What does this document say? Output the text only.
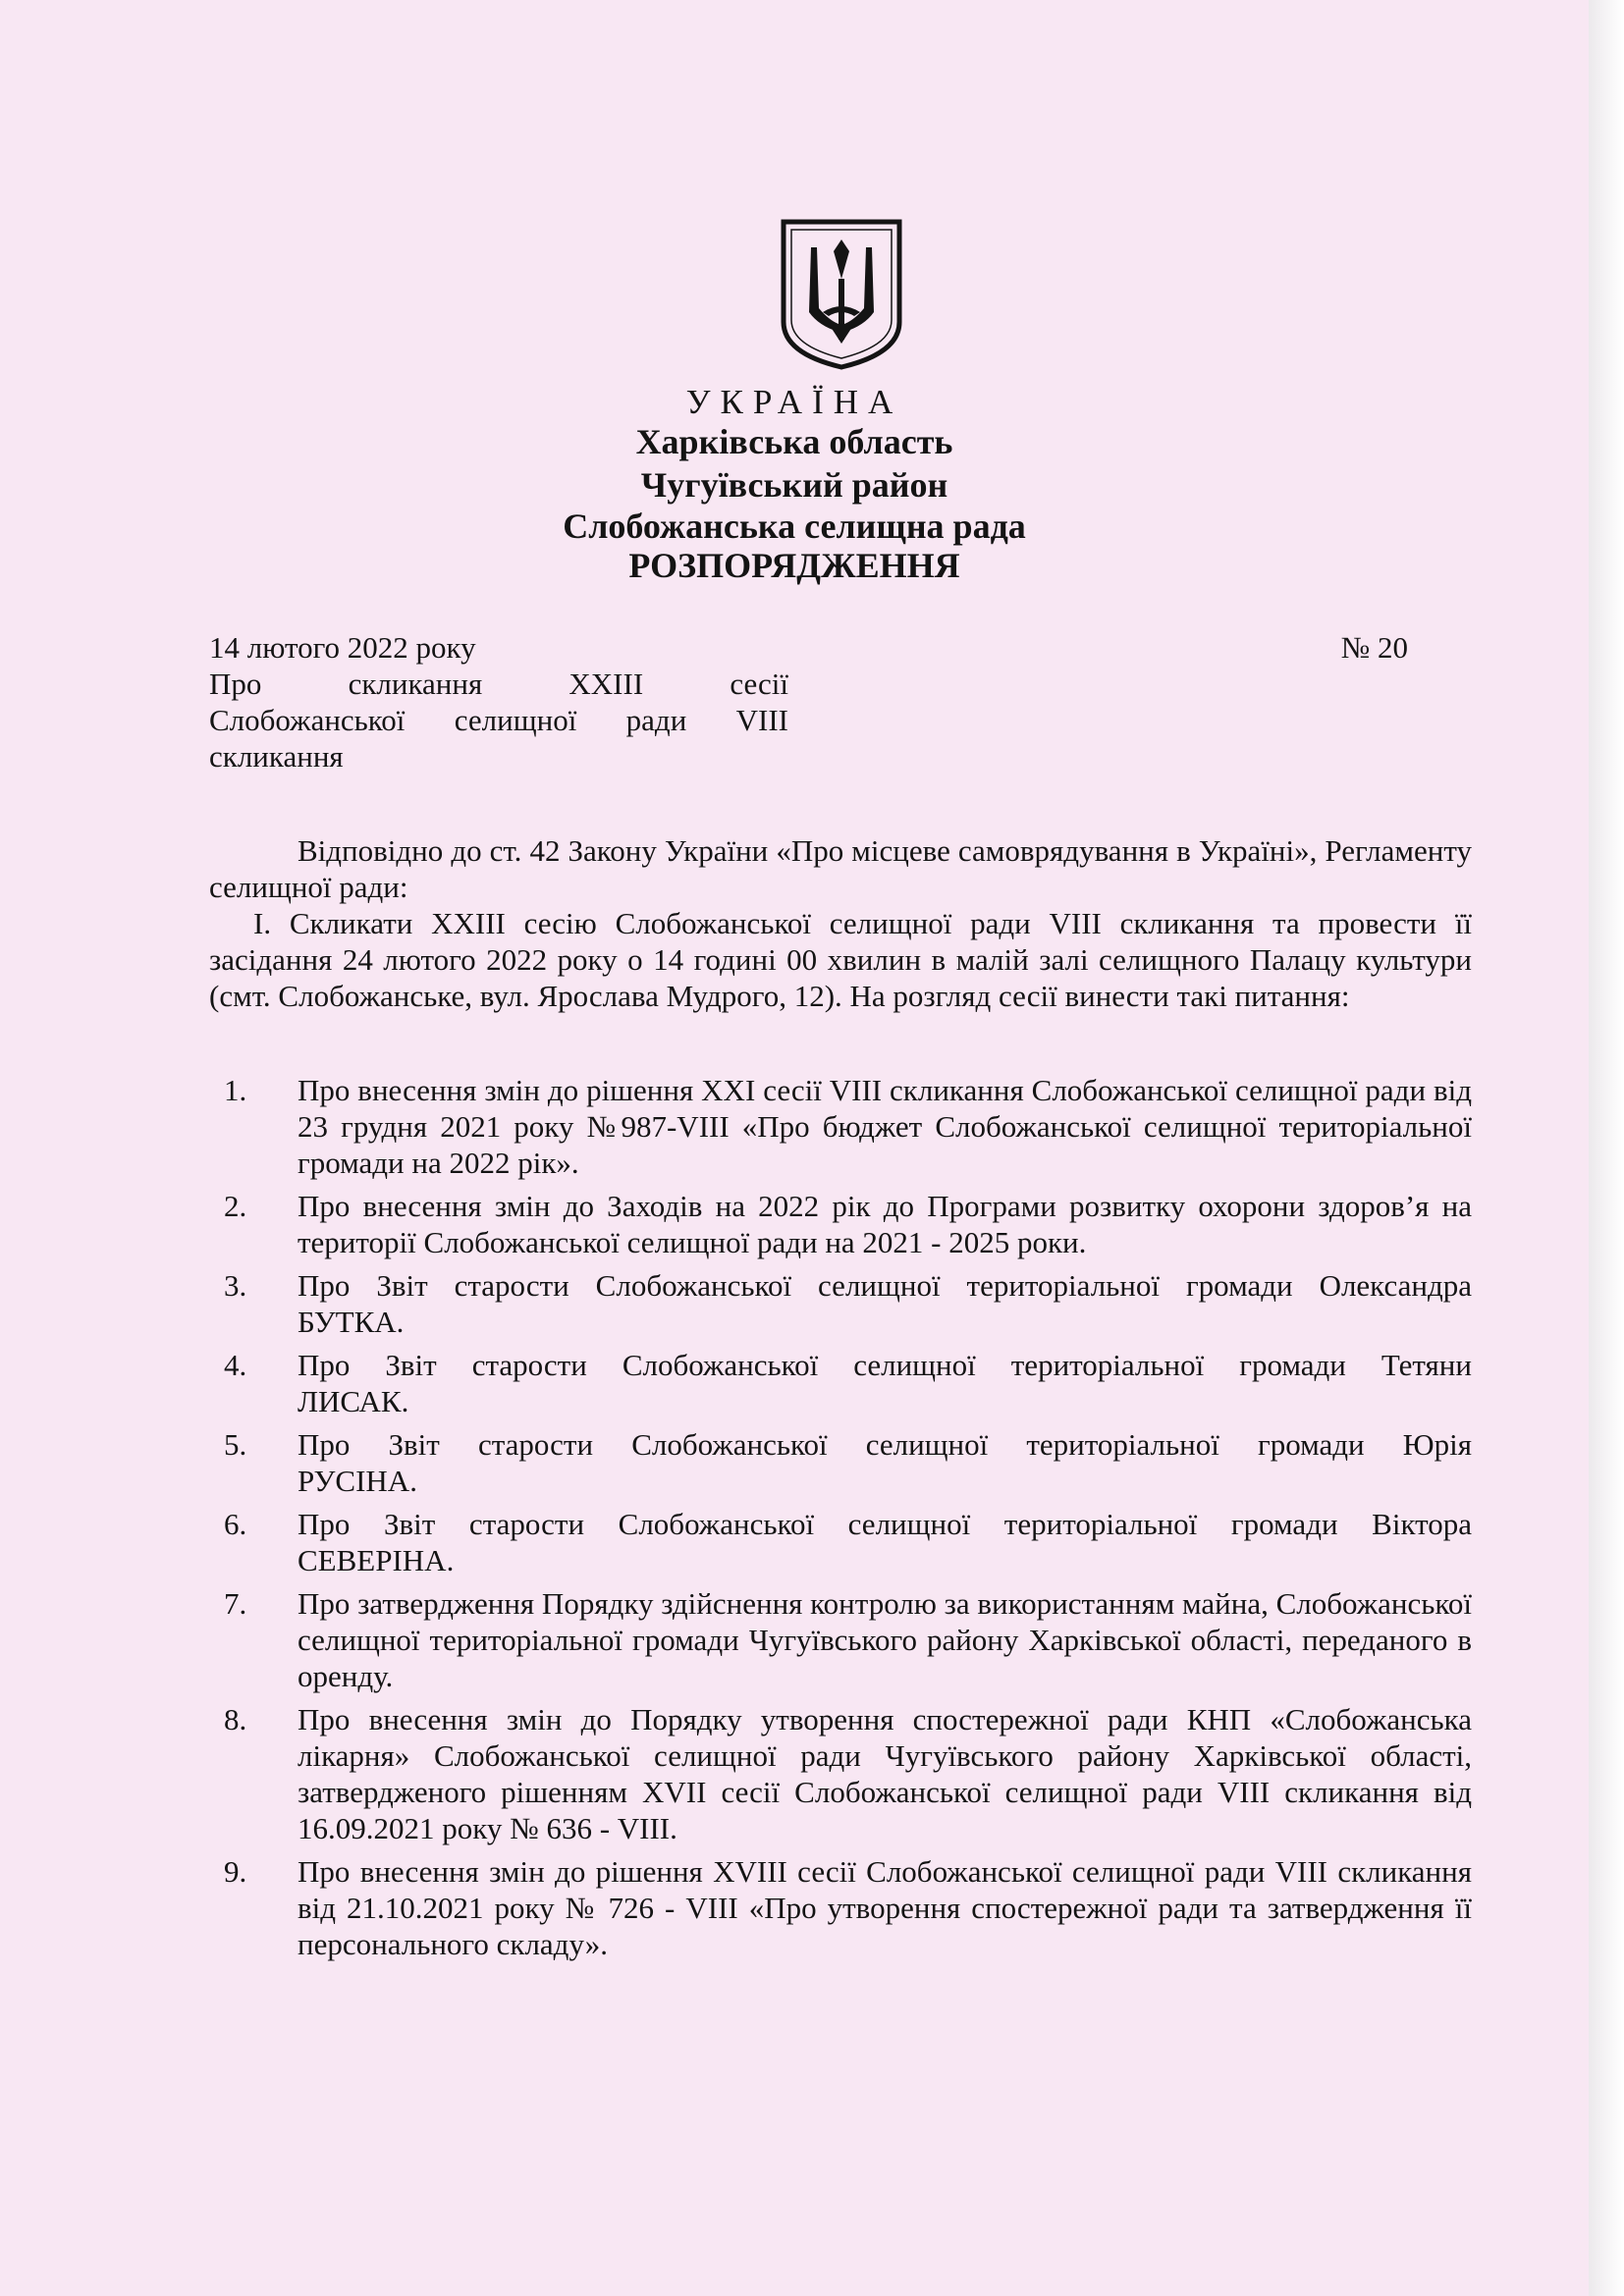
УКРАЇНА
Харківська область
Чугуївський район
Слобожанська селищна рада
РОЗПОРЯДЖЕННЯ
14 лютого 2022 року	№ 20
Про скликання XXIII сесії
Слобожанської селищної ради VIII
скликання
Відповідно до ст. 42 Закону України «Про місцеве самоврядування в Україні», Регламенту селищної ради:
І. Скликати XXIII сесію Слобожанської селищної ради VIII скликання та провести її засідання 24 лютого 2022 року о 14 годині 00 хвилин в малій залі селищного Палацу культури (смт. Слобожанське, вул. Ярослава Мудрого, 12). На розгляд сесії винести такі питання:
1. Про внесення змін до рішення XXI сесії VIII скликання Слобожанської селищної ради від 23 грудня 2021 року №987-VIII «Про бюджет Слобожанської селищної територіальної громади на 2022 рік».
2. Про внесення змін до Заходів на 2022 рік до Програми розвитку охорони здоров’я на території Слобожанської селищної ради на 2021 - 2025 роки.
3. Про Звіт старости Слобожанської селищної територіальної громади Олександра БУТКА.
4. Про Звіт старости Слобожанської селищної територіальної громади Тетяни ЛИСАК.
5. Про Звіт старости Слобожанської селищної територіальної громади Юрія РУСІНА.
6. Про Звіт старости Слобожанської селищної територіальної громади Віктора СЕВЕРІНА.
7. Про затвердження Порядку здійснення контролю за використанням майна, Слобожанської селищної територіальної громади Чугуївського району Харківської області, переданого в оренду.
8. Про внесення змін до Порядку утворення спостережної ради КНП «Слобожанська лікарня» Слобожанської селищної ради Чугуївського району Харківської області, затвердженого рішенням XVII сесії Слобожанської селищної ради VIII скликання від 16.09.2021 року № 636 - VIII.
9. Про внесення змін до рішення XVIII сесії Слобожанської селищної ради VIII скликання від 21.10.2021 року № 726 - VIII «Про утворення спостережної ради та затвердження її персонального складу».
